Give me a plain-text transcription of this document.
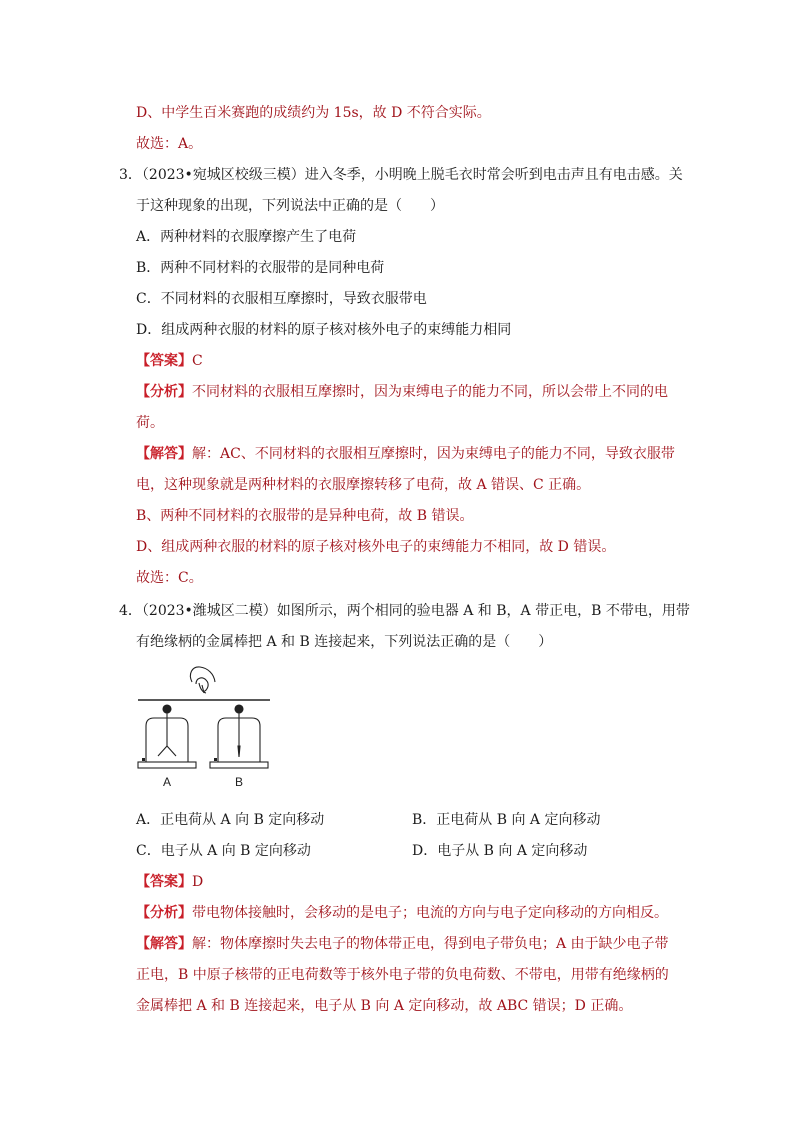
D、中学生百米赛跑的成绩约为 15s，故 D 不符合实际。
故选：A。
3．（2023•宛城区校级三模）进入冬季，小明晚上脱毛衣时常会听到电击声且有电击感。关
于这种现象的出现，下列说法中正确的是（　　）
A．两种材料的衣服摩擦产生了电荷
B．两种不同材料的衣服带的是同种电荷
C．不同材料的衣服相互摩擦时，导致衣服带电
D．组成两种衣服的材料的原子核对核外电子的束缚能力相同
【答案】C
【分析】不同材料的衣服相互摩擦时，因为束缚电子的能力不同，所以会带上不同的电
荷。
【解答】解：AC、不同材料的衣服相互摩擦时，因为束缚电子的能力不同，导致衣服带
电，这种现象就是两种材料的衣服摩擦转移了电荷，故 A 错误、C 正确。
B、两种不同材料的衣服带的是异种电荷，故 B 错误。
D、组成两种衣服的材料的原子核对核外电子的束缚能力不相同，故 D 错误。
故选：C。
4．（2023•潍城区二模）如图所示，两个相同的验电器 A 和 B，A 带正电，B 不带电，用带
有绝缘柄的金属棒把 A 和 B 连接起来，下列说法正确的是（　　）
A	B
A．正电荷从 A 向 B 定向移动	B．正电荷从 B 向 A 定向移动
C．电子从 A 向 B 定向移动	D．电子从 B 向 A 定向移动
【答案】D
【分析】带电物体接触时，会移动的是电子；电流的方向与电子定向移动的方向相反。
【解答】解：物体摩擦时失去电子的物体带正电，得到电子带负电；A 由于缺少电子带
正电，B 中原子核带的正电荷数等于核外电子带的负电荷数、不带电，用带有绝缘柄的
金属棒把 A 和 B 连接起来，电子从 B 向 A 定向移动，故 ABC 错误；D 正确。
